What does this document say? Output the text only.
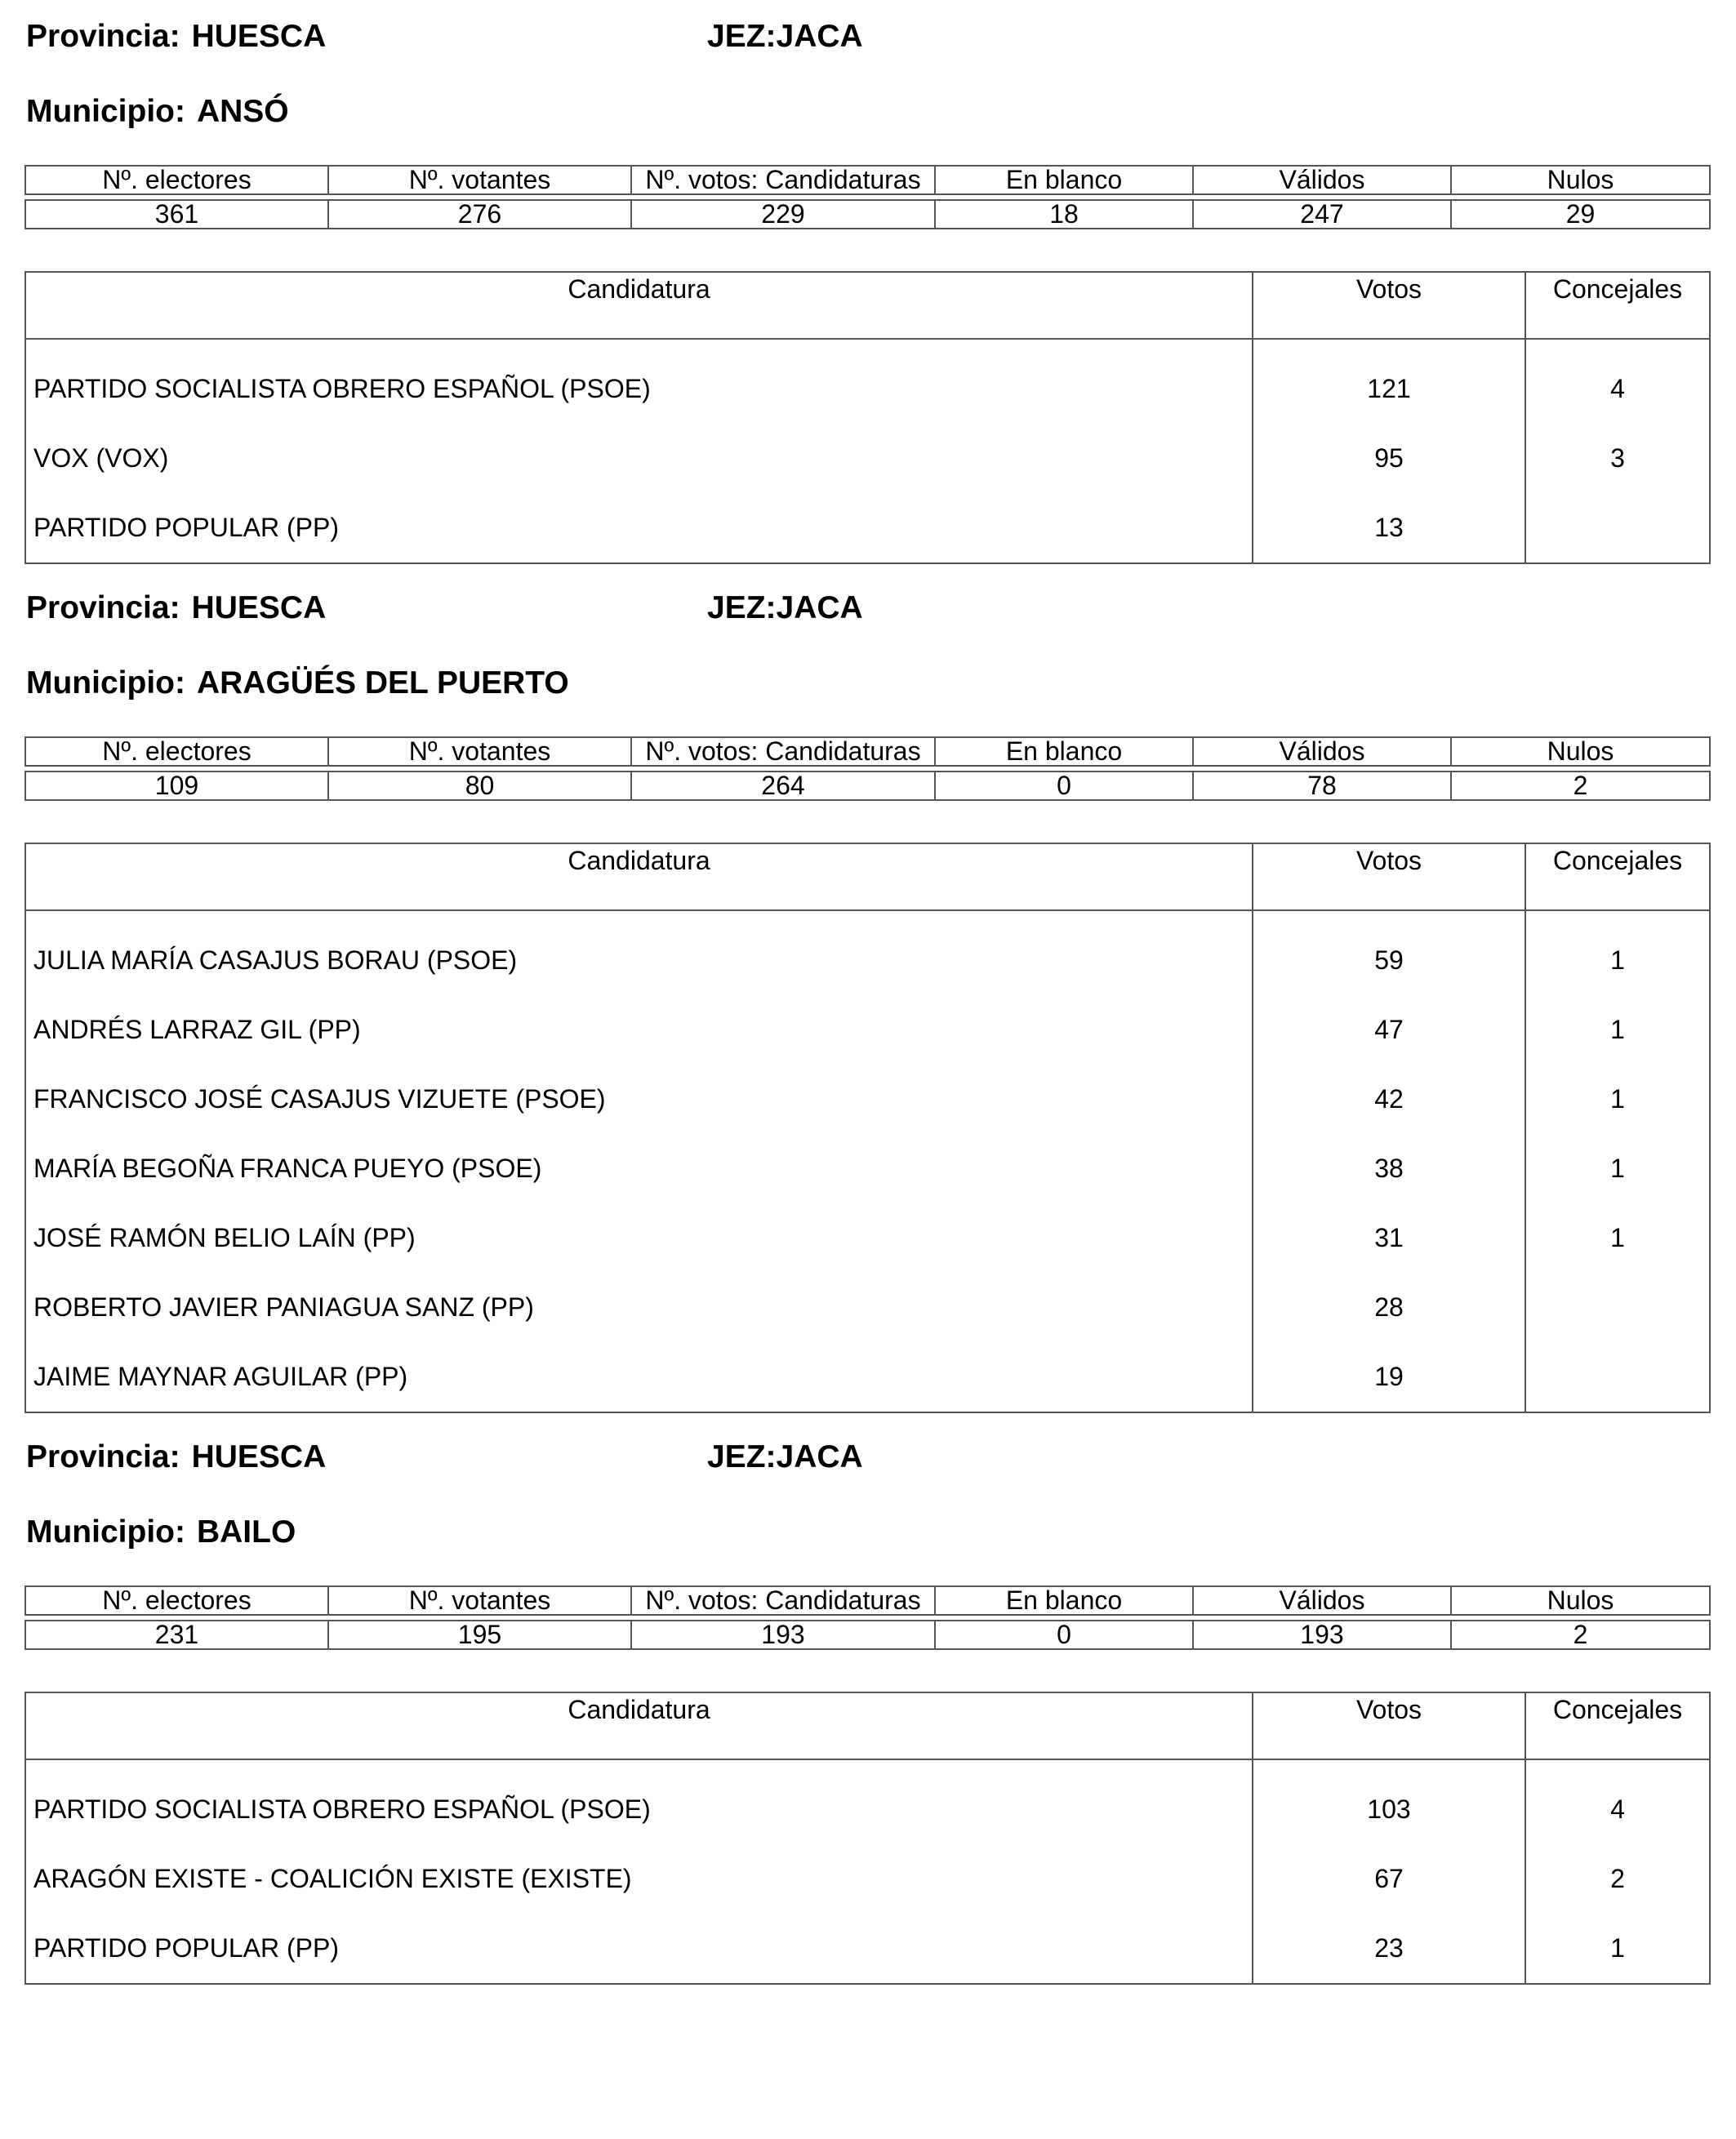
Provincia: HUESCA	JEZ:JACA
Municipio: ANSÓ
Nº. electores	Nº. votantes	Nº. votos: Candidaturas	En blanco	Válidos	Nulos

361	276	229	18	247	29
Candidatura	Votos	Concejales
PARTIDO SOCIALISTA OBRERO ESPAÑOL (PSOE)	121	4
VOX (VOX)	95	3
PARTIDO POPULAR (PP)	13	
Provincia: HUESCA	JEZ:JACA
Municipio: ARAGÜÉS DEL PUERTO
Nº. electores	Nº. votantes	Nº. votos: Candidaturas	En blanco	Válidos	Nulos

109	80	264	0	78	2
Candidatura	Votos	Concejales
JULIA MARÍA CASAJUS BORAU (PSOE)	59	1
ANDRÉS LARRAZ GIL (PP)	47	1
FRANCISCO JOSÉ CASAJUS VIZUETE (PSOE)	42	1
MARÍA BEGOÑA FRANCA PUEYO (PSOE)	38	1
JOSÉ RAMÓN BELIO LAÍN (PP)	31	1
ROBERTO JAVIER PANIAGUA SANZ (PP)	28	
JAIME MAYNAR AGUILAR (PP)	19	
Provincia: HUESCA	JEZ:JACA
Municipio: BAILO
Nº. electores	Nº. votantes	Nº. votos: Candidaturas	En blanco	Válidos	Nulos

231	195	193	0	193	2
Candidatura	Votos	Concejales
PARTIDO SOCIALISTA OBRERO ESPAÑOL (PSOE)	103	4
ARAGÓN EXISTE - COALICIÓN EXISTE (EXISTE)	67	2
PARTIDO POPULAR (PP)	23	1
